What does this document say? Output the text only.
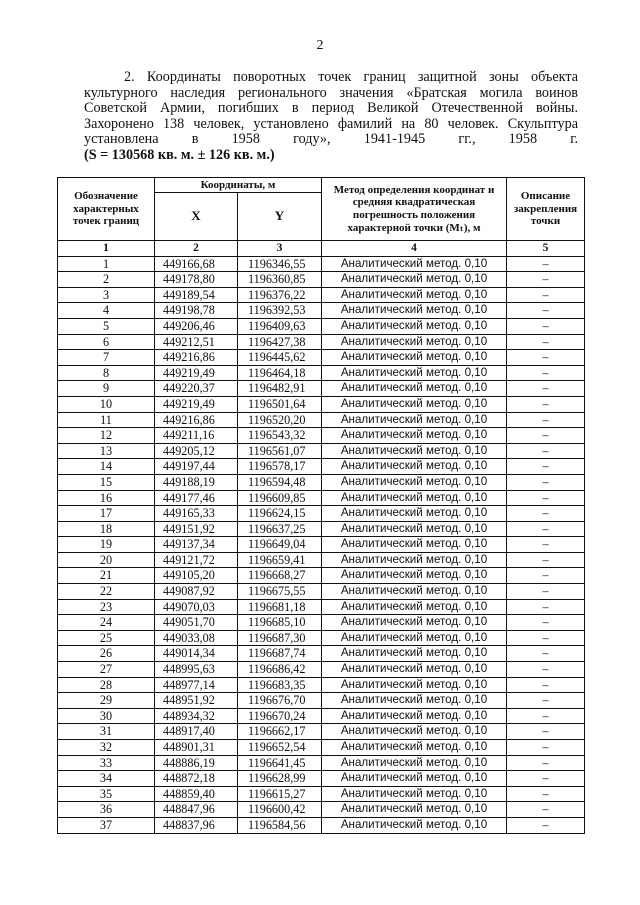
2
2. Координаты поворотных точек границ защитной зоны объекта
культурного наследия регионального значения «Братская могила воинов
Советской Армии, погибших в период Великой Отечественной войны.
Захоронено 138 человек, установлено фамилий на 80 человек. Скульптура
установлена в 1958 году», 1941-1945 гг., 1958 г.
(S = 130568 кв. м. ± 126 кв. м.)
Обозначение характерных точек границ	Координаты, м		Метод определения координат и средняя квадратическая погрешность положения характерной точки (Mₜ), м	Описание закрепления точки
	X	Y		
1	2	3	4	5
1	449166,68	1196346,55	Аналитический метод. 0,10	–
2	449178,80	1196360,85	Аналитический метод. 0,10	–
3	449189,54	1196376,22	Аналитический метод. 0,10	–
4	449198,78	1196392,53	Аналитический метод. 0,10	–
5	449206,46	1196409,63	Аналитический метод. 0,10	–
6	449212,51	1196427,38	Аналитический метод. 0,10	–
7	449216,86	1196445,62	Аналитический метод. 0,10	–
8	449219,49	1196464,18	Аналитический метод. 0,10	–
9	449220,37	1196482,91	Аналитический метод. 0,10	–
10	449219,49	1196501,64	Аналитический метод. 0,10	–
11	449216,86	1196520,20	Аналитический метод. 0,10	–
12	449211,16	1196543,32	Аналитический метод. 0,10	–
13	449205,12	1196561,07	Аналитический метод. 0,10	–
14	449197,44	1196578,17	Аналитический метод. 0,10	–
15	449188,19	1196594,48	Аналитический метод. 0,10	–
16	449177,46	1196609,85	Аналитический метод. 0,10	–
17	449165,33	1196624,15	Аналитический метод. 0,10	–
18	449151,92	1196637,25	Аналитический метод. 0,10	–
19	449137,34	1196649,04	Аналитический метод. 0,10	–
20	449121,72	1196659,41	Аналитический метод. 0,10	–
21	449105,20	1196668,27	Аналитический метод. 0,10	–
22	449087,92	1196675,55	Аналитический метод. 0,10	–
23	449070,03	1196681,18	Аналитический метод. 0,10	–
24	449051,70	1196685,10	Аналитический метод. 0,10	–
25	449033,08	1196687,30	Аналитический метод. 0,10	–
26	449014,34	1196687,74	Аналитический метод. 0,10	–
27	448995,63	1196686,42	Аналитический метод. 0,10	–
28	448977,14	1196683,35	Аналитический метод. 0,10	–
29	448951,92	1196676,70	Аналитический метод. 0,10	–
30	448934,32	1196670,24	Аналитический метод. 0,10	–
31	448917,40	1196662,17	Аналитический метод. 0,10	–
32	448901,31	1196652,54	Аналитический метод. 0,10	–
33	448886,19	1196641,45	Аналитический метод. 0,10	–
34	448872,18	1196628,99	Аналитический метод. 0,10	–
35	448859,40	1196615,27	Аналитический метод. 0,10	–
36	448847,96	1196600,42	Аналитический метод. 0,10	–
37	448837,96	1196584,56	Аналитический метод. 0,10	–
